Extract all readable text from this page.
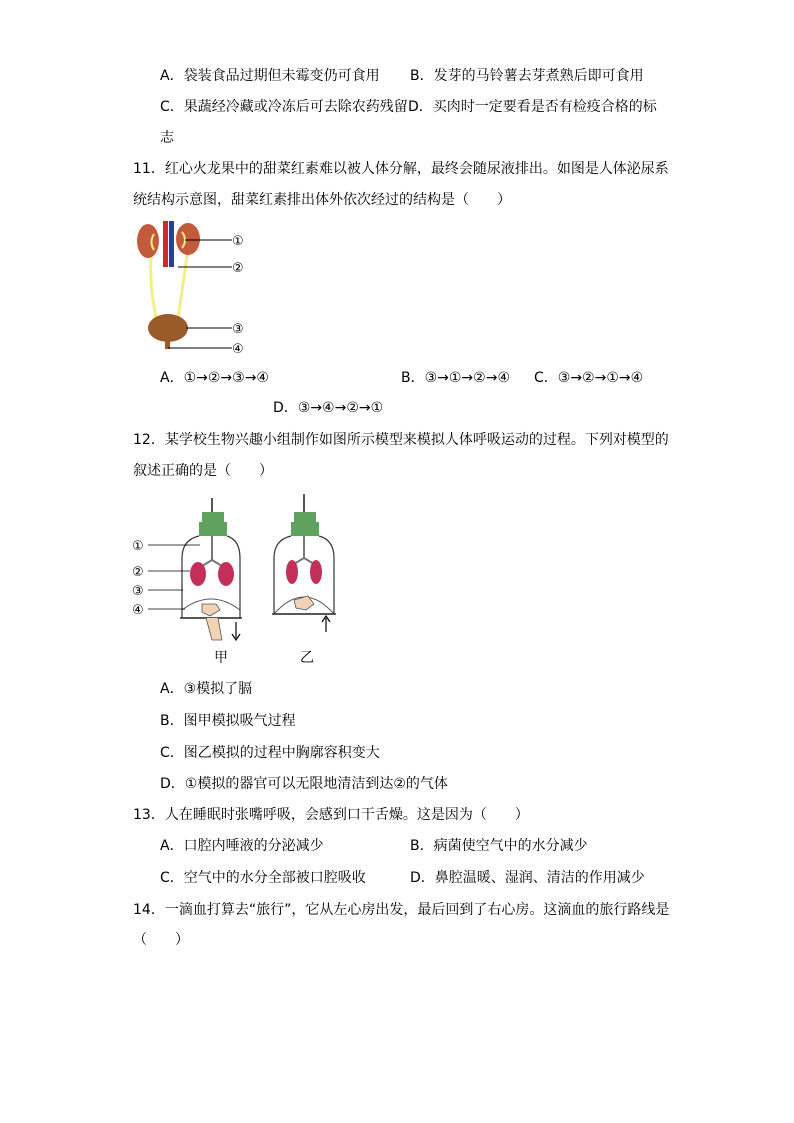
A．袋装食品过期但未霉变仍可食用 B．发芽的马铃薯去芽煮熟后即可食用
C．果蔬经冷藏或冷冻后可去除农药残留 D．买肉时一定要看是否有检疫合格的标
志
11．红心火龙果中的甜菜红素难以被人体分解，最终会随尿液排出。如图是人体泌尿系
统结构示意图，甜菜红素排出体外依次经过的结构是（　　）
①
②
③
④
A．①→②→③→④	B．③→①→②→④ C．③→②→①→④
D．③→④→②→①
12．某学校生物兴趣小组制作如图所示模型来模拟人体呼吸运动的过程。下列对模型的
叙述正确的是（　　）
①
②
③
④
甲	乙
A．③模拟了膈
B．图甲模拟吸气过程
C．图乙模拟的过程中胸廓容积变大
D．①模拟的器官可以无限地清洁到达②的气体
13．人在睡眠时张嘴呼吸，会感到口干舌燥。这是因为（　　）
A．口腔内唾液的分泌减少	B．病菌使空气中的水分减少
C．空气中的水分全部被口腔吸收	D．鼻腔温暖、湿润、清洁的作用减少
14．一滴血打算去“旅行”，它从左心房出发，最后回到了右心房。这滴血的旅行路线是
（　　）
